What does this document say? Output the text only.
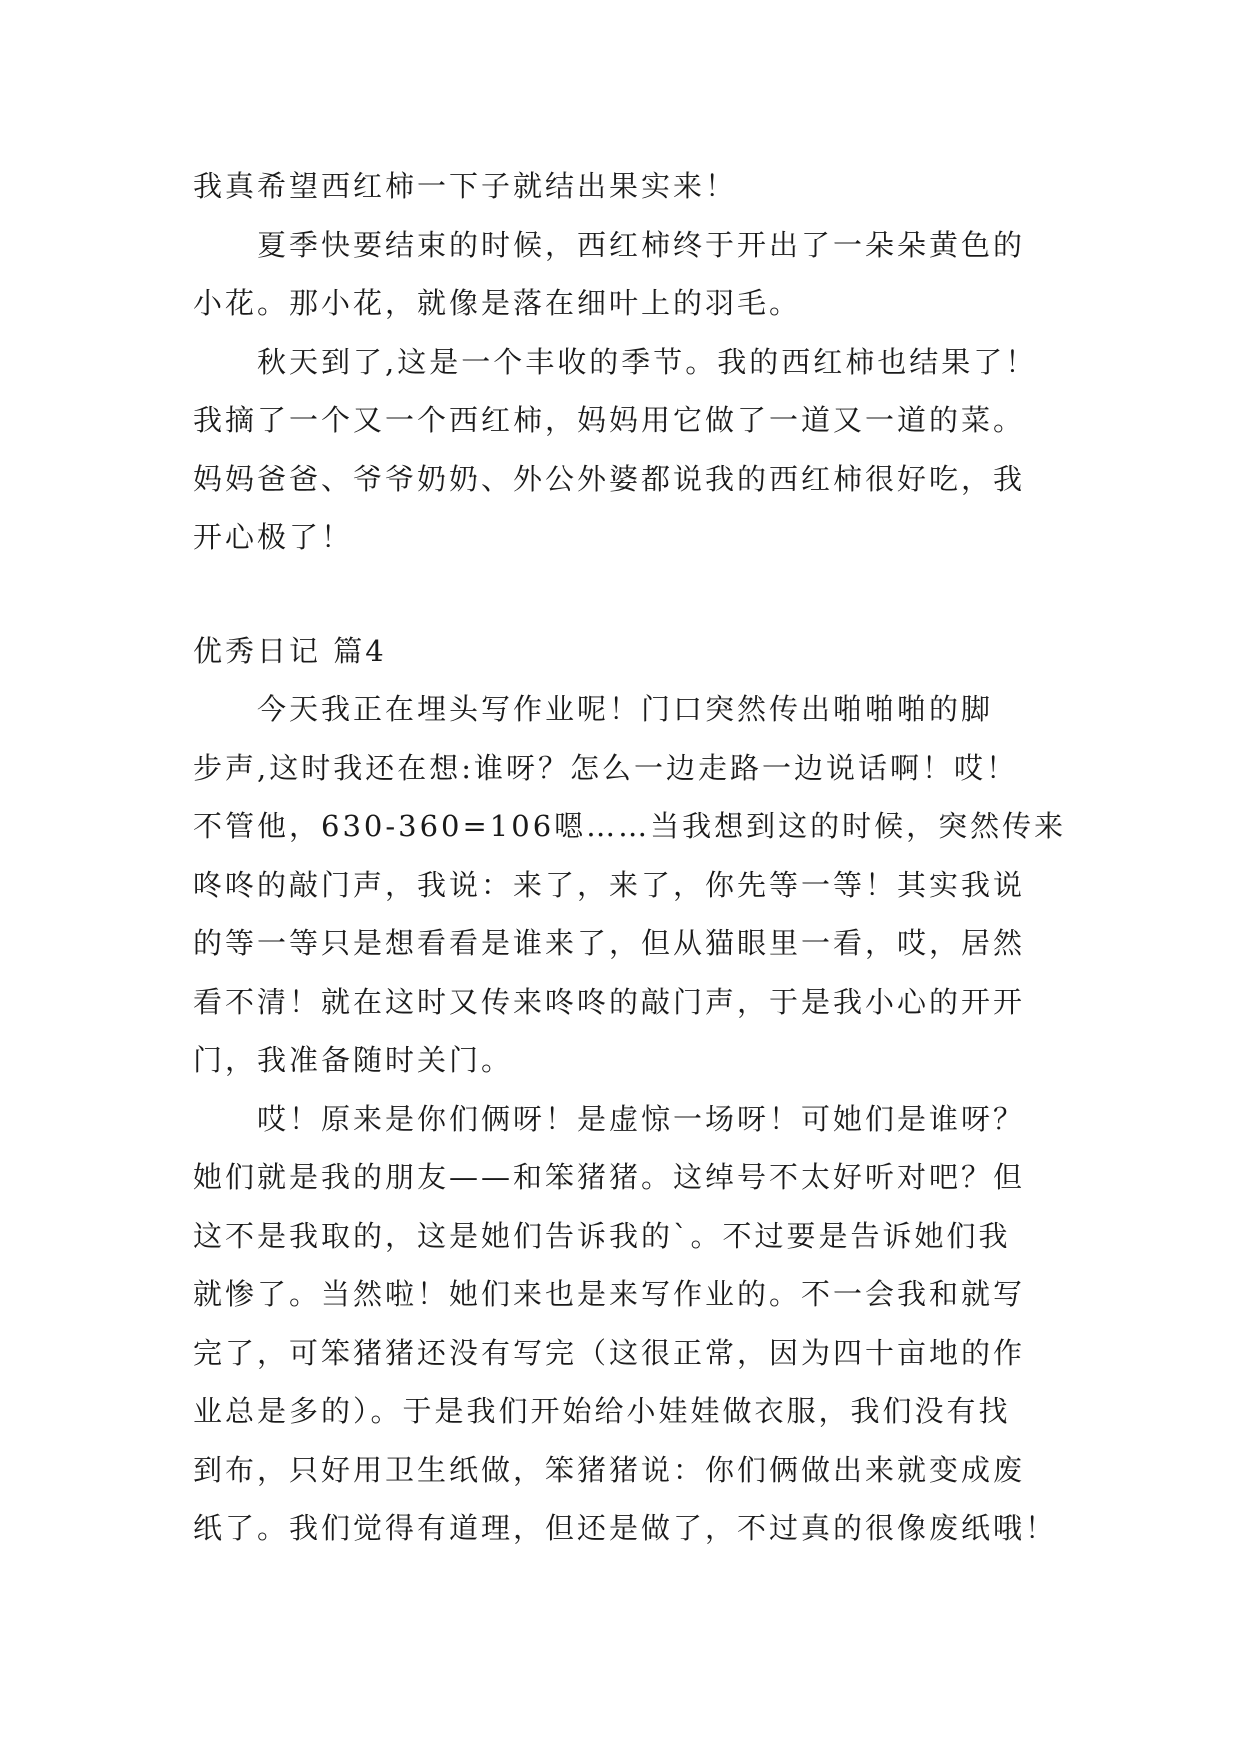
我真希望西红柿一下子就结出果实来！
夏季快要结束的时候，西红柿终于开出了一朵朵黄色的
小花。那小花，就像是落在细叶上的羽毛。
秋天到了,这是一个丰收的季节。我的西红柿也结果了！
我摘了一个又一个西红柿，妈妈用它做了一道又一道的菜。
妈妈爸爸、爷爷奶奶、外公外婆都说我的西红柿很好吃，我
开心极了！
优秀日记 篇4
今天我正在埋头写作业呢！门口突然传出啪啪啪的脚
步声,这时我还在想:谁呀？怎么一边走路一边说话啊！哎！
不管他，630-360=106嗯……当我想到这的时候，突然传来
咚咚的敲门声，我说：来了，来了，你先等一等！其实我说
的等一等只是想看看是谁来了，但从猫眼里一看，哎，居然
看不清！就在这时又传来咚咚的敲门声，于是我小心的开开
门，我准备随时关门。
哎！原来是你们俩呀！是虚惊一场呀！可她们是谁呀？
她们就是我的朋友——和笨猪猪。这绰号不太好听对吧？但
这不是我取的，这是她们告诉我的`。不过要是告诉她们我
就惨了。当然啦！她们来也是来写作业的。不一会我和就写
完了，可笨猪猪还没有写完（这很正常，因为四十亩地的作
业总是多的）。于是我们开始给小娃娃做衣服，我们没有找
到布，只好用卫生纸做，笨猪猪说：你们俩做出来就变成废
纸了。我们觉得有道理，但还是做了，不过真的很像废纸哦！
